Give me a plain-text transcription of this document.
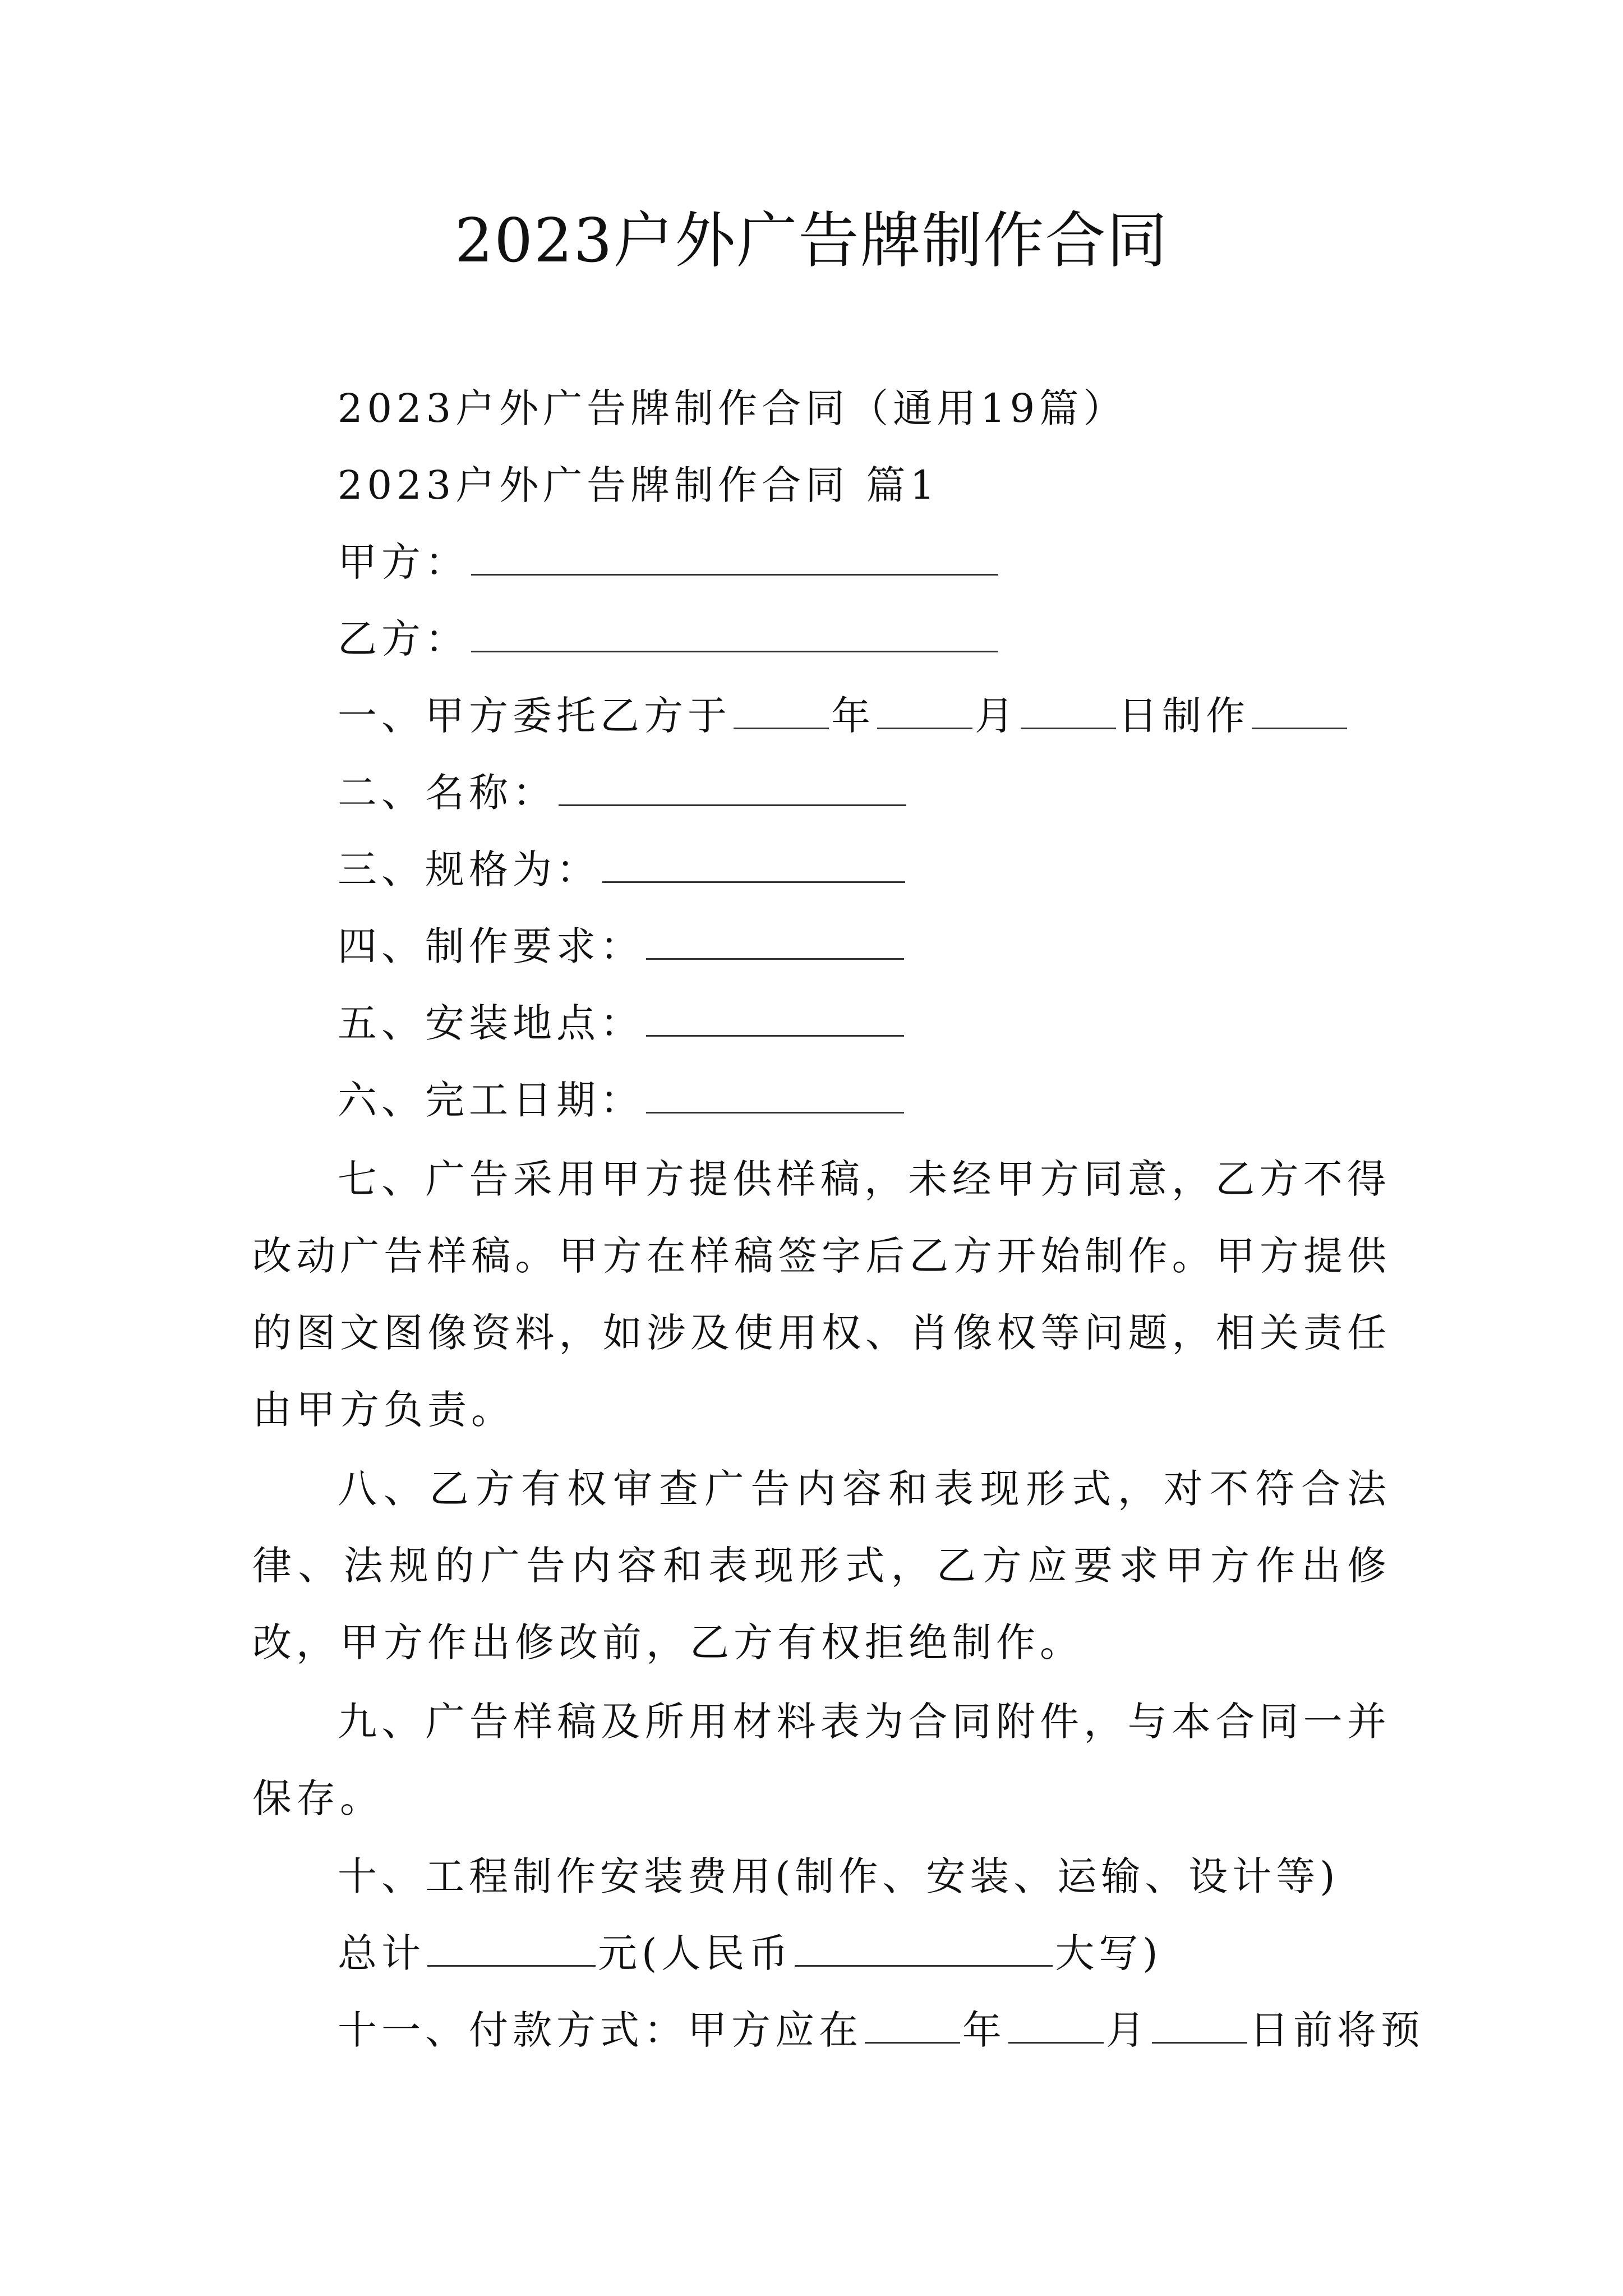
2023户外广告牌制作合同
2023户外广告牌制作合同（通用19篇）
2023户外广告牌制作合同 篇1
甲方：
乙方：
一、甲方委托乙方于	年	月	日制作
二、名称：
三、规格为：
四、制作要求：
五、安装地点：
六、完工日期：
七、广告采用甲方提供样稿，未经甲方同意，乙方不得改动广告样稿。甲方在样稿签字后乙方开始制作。甲方提供的图文图像资料，如涉及使用权、肖像权等问题，相关责任由甲方负责。
八、乙方有权审查广告内容和表现形式，对不符合法律、法规的广告内容和表现形式，乙方应要求甲方作出修改，甲方作出修改前，乙方有权拒绝制作。
九、广告样稿及所用材料表为合同附件，与本合同一并保存。
十、工程制作安装费用(制作、安装、运输、设计等)
总计	元(人民币	大写)
十一、付款方式：甲方应在	年	月	日前将预
